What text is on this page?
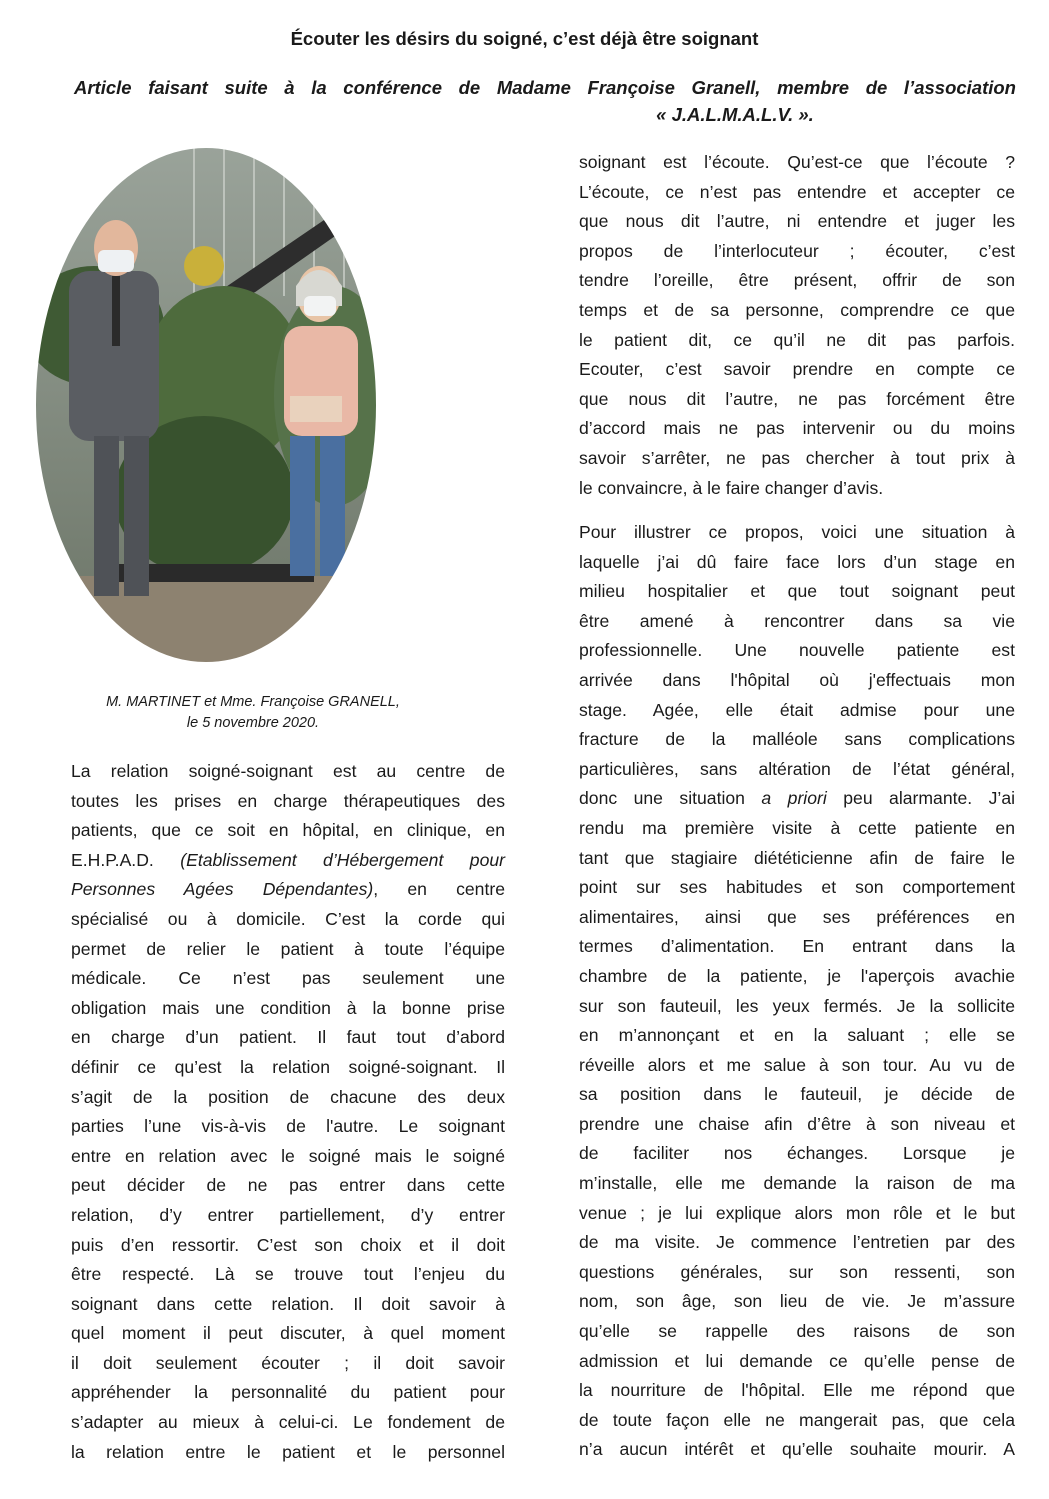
Écouter les désirs du soigné, c’est déjà être soignant
Article faisant suite à la conférence de Madame Françoise Granell, membre de l’association
« J.A.L.M.A.L.V. ».
M. MARTINET et Mme. Françoise GRANELL,
le 5 novembre 2020.
La relation soigné-soignant est au centre de
toutes les prises en charge thérapeutiques des
patients, que ce soit en hôpital, en clinique, en
E.H.P.A.D. (Etablissement d’Hébergement pour
Personnes Agées Dépendantes), en centre
spécialisé ou à domicile. C’est la corde qui
permet de relier le patient à toute l’équipe
médicale. Ce n’est pas seulement une
obligation mais une condition à la bonne prise
en charge d’un patient. Il faut tout d’abord
définir ce qu’est la relation soigné-soignant. Il
s’agit de la position de chacune des deux
parties l’une vis-à-vis de l'autre. Le soignant
entre en relation avec le soigné mais le soigné
peut décider de ne pas entrer dans cette
relation, d’y entrer partiellement, d’y entrer
puis d’en ressortir. C’est son choix et il doit
être respecté. Là se trouve tout l’enjeu du
soignant dans cette relation. Il doit savoir à
quel moment il peut discuter, à quel moment
il doit seulement écouter ; il doit savoir
appréhender la personnalité du patient pour
s’adapter au mieux à celui-ci. Le fondement de
la relation entre le patient et le personnel
soignant est l’écoute. Qu’est-ce que l’écoute ?
L’écoute, ce n’est pas entendre et accepter ce
que nous dit l’autre, ni entendre et juger les
propos de l’interlocuteur ; écouter, c’est
tendre l’oreille, être présent, offrir de son
temps et de sa personne, comprendre ce que
le patient dit, ce qu’il ne dit pas parfois.
Ecouter, c’est savoir prendre en compte ce
que nous dit l’autre, ne pas forcément être
d’accord mais ne pas intervenir ou du moins
savoir s’arrêter, ne pas chercher à tout prix à
le convaincre, à le faire changer d’avis.
Pour illustrer ce propos, voici une situation à
laquelle j’ai dû faire face lors d’un stage en
milieu hospitalier et que tout soignant peut
être amené à rencontrer dans sa vie
professionnelle. Une nouvelle patiente est
arrivée dans l'hôpital où j'effectuais mon
stage. Agée, elle était admise pour une
fracture de la malléole sans complications
particulières, sans altération de l’état général,
donc une situation a priori peu alarmante. J’ai
rendu ma première visite à cette patiente en
tant que stagiaire diététicienne afin de faire le
point sur ses habitudes et son comportement
alimentaires, ainsi que ses préférences en
termes d’alimentation. En entrant dans la
chambre de la patiente, je l'aperçois avachie
sur son fauteuil, les yeux fermés. Je la sollicite
en m’annonçant et en la saluant ; elle se
réveille alors et me salue à son tour. Au vu de
sa position dans le fauteuil, je décide de
prendre une chaise afin d’être à son niveau et
de faciliter nos échanges. Lorsque je
m’installe, elle me demande la raison de ma
venue ; je lui explique alors mon rôle et le but
de ma visite. Je commence l’entretien par des
questions générales, sur son ressenti, son
nom, son âge, son lieu de vie. Je m’assure
qu’elle se rappelle des raisons de son
admission et lui demande ce qu’elle pense de
la nourriture de l'hôpital. Elle me répond que
de toute façon elle ne mangerait pas, que cela
n’a aucun intérêt et qu’elle souhaite mourir. A
